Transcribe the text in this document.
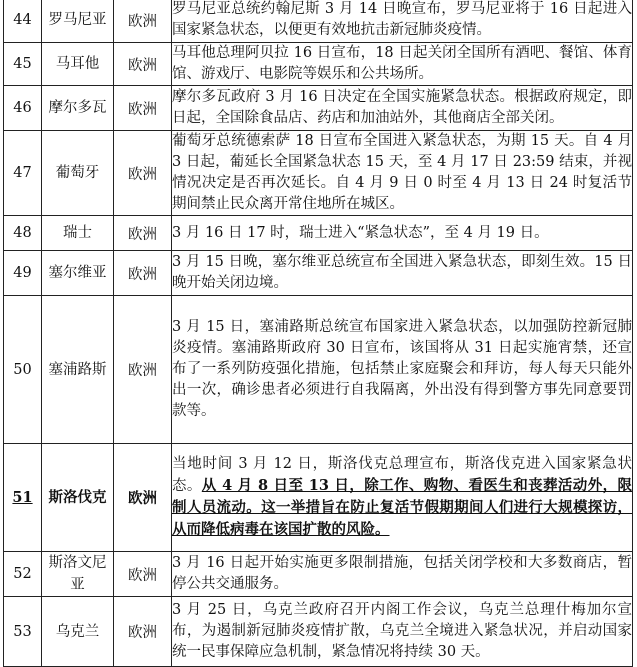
44	罗马尼亚	欧洲	罗马尼亚总统约翰尼斯 3 月 14 日晚宣布，罗马尼亚将于 16 日起进入国家紧急状态，以便更有效地抗击新冠肺炎疫情。
45	马耳他	欧洲	马耳他总理阿贝拉 16 日宣布，18 日起关闭全国所有酒吧、餐馆、体育馆、游戏厅、电影院等娱乐和公共场所。
46	摩尔多瓦	欧洲	摩尔多瓦政府 3 月 16 日决定在全国实施紧急状态。根据政府规定，即日起，全国除食品店、药店和加油站外，其他商店全部关闭。
47	葡萄牙	欧洲	葡萄牙总统德索萨 18 日宣布全国进入紧急状态，为期 15 天。自 4 月 3 日起，葡延长全国紧急状态 15 天，至 4 月 17 日 23:59 结束，并视情况决定是否再次延长。自 4 月 9 日 0 时至 4 月 13 日 24 时复活节期间禁止民众离开常住地所在城区。
48	瑞士	欧洲	3 月 16 日 17 时，瑞士进入“紧急状态”，至 4 月 19 日。
49	塞尔维亚	欧洲	3 月 15 日晚，塞尔维亚总统宣布全国进入紧急状态，即刻生效。15 日晚开始关闭边境。
50	塞浦路斯	欧洲	3 月 15 日，塞浦路斯总统宣布国家进入紧急状态，以加强防控新冠肺炎疫情。塞浦路斯政府 30 日宣布，该国将从 31 日起实施宵禁，还宣布了一系列防疫强化措施，包括禁止家庭聚会和拜访，每人每天只能外出一次，确诊患者必须进行自我隔离，外出没有得到警方事先同意要罚款等。
51	斯洛伐克	欧洲	当地时间 3 月 12 日，斯洛伐克总理宣布，斯洛伐克进入国家紧急状态。从 4 月 8 日至 13 日，除工作、购物、看医生和丧葬活动外，限制人员流动。这一举措旨在防止复活节假期期间人们进行大规模探访，从而降低病毒在该国扩散的风险。
52	斯洛文尼亚	欧洲	3 月 16 日起开始实施更多限制措施，包括关闭学校和大多数商店，暂停公共交通服务。
53	乌克兰	欧洲	3 月 25 日，乌克兰政府召开内阁工作会议，乌克兰总理什梅加尔宣布，为遏制新冠肺炎疫情扩散，乌克兰全境进入紧急状况，并启动国家统一民事保障应急机制，紧急情况将持续 30 天。
